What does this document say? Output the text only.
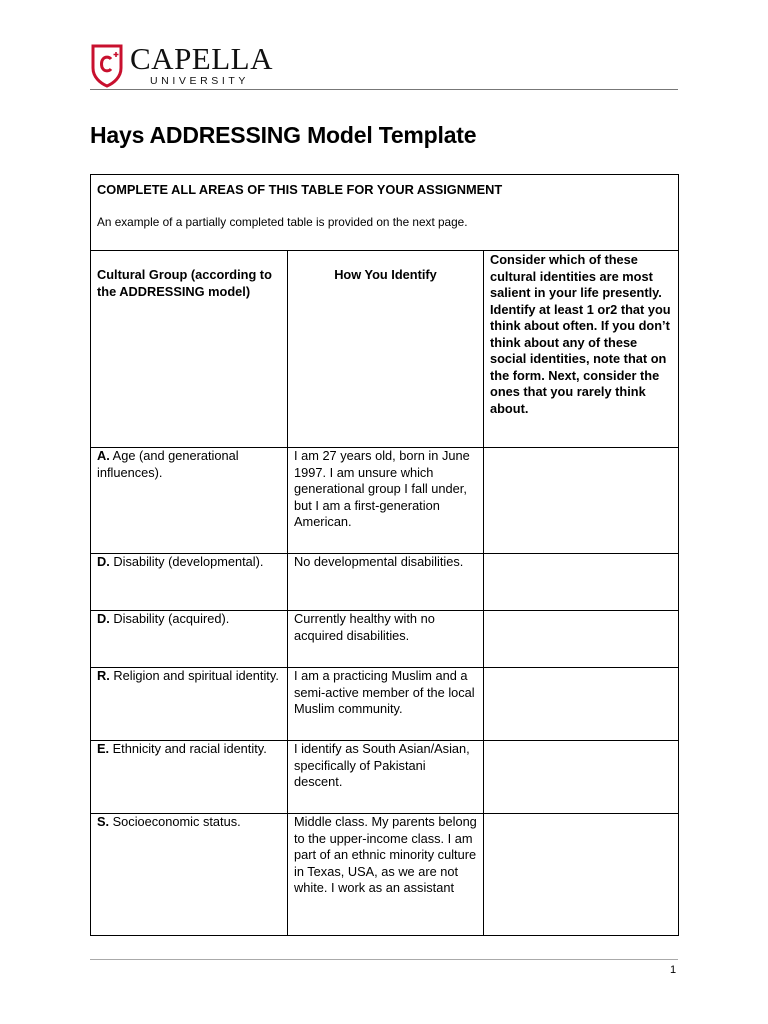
CAPELLA
UNIVERSITY
Hays ADDRESSING Model Template
COMPLETE ALL AREAS OF THIS TABLE FOR YOUR ASSIGNMENT
An example of a partially completed table is provided on the next page.		

Cultural Group (according to the ADDRESSING model)	How You Identify	Consider which of these cultural identities are most salient in your life presently. Identify at least 1 or2 that you think about often. If you don’t think about any of these social identities, note that on the form. Next, consider the ones that you rarely think about.
A. Age (and generational influences).	I am 27 years old, born in June 1997. I am unsure which generational group I fall under, but I am a first-generation American.	
D. Disability (developmental).	No developmental disabilities.	
D. Disability (acquired).	Currently healthy with no acquired disabilities.	
R. Religion and spiritual identity.	I am a practicing Muslim and a semi-active member of the local Muslim community.	
E. Ethnicity and racial identity.	I identify as South Asian/Asian, specifically of Pakistani descent.	
S. Socioeconomic status.	Middle class. My parents belong to the upper-income class. I am part of an ethnic minority culture in Texas, USA, as we are not white. I work as an assistant	
1
